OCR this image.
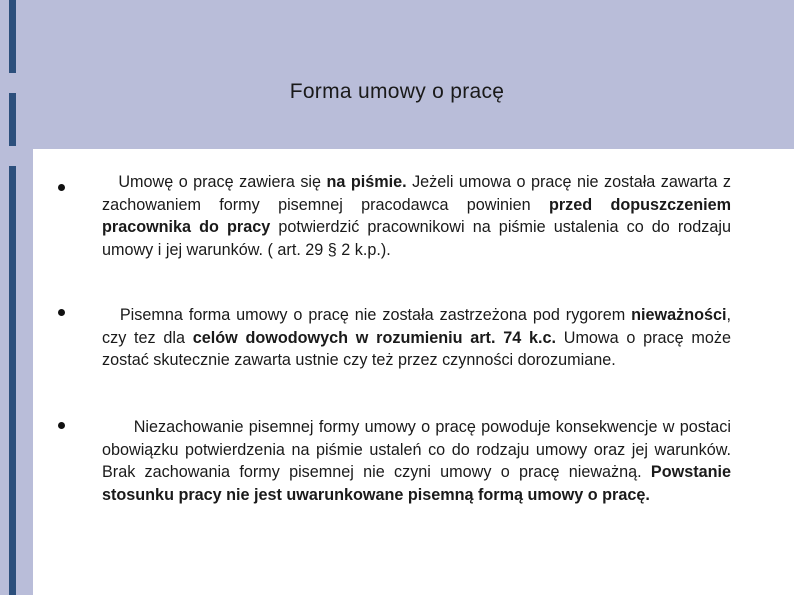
Forma umowy o pracę

Umowę o pracę zawiera się na piśmie. Jeżeli umowa o pracę nie została zawarta z zachowaniem formy pisemnej pracodawca powinien przed dopuszczeniem pracownika do pracy potwierdzić pracownikowi na piśmie ustalenia co do rodzaju umowy i jej warunków. ( art. 29 § 2 k.p.).

Pisemna forma umowy o pracę nie została zastrzeżona pod rygorem nieważności, czy tez dla celów dowodowych w rozumieniu art. 74 k.c. Umowa o pracę może zostać skutecznie zawarta ustnie czy też przez czynności dorozumiane.

Niezachowanie pisemnej formy umowy o pracę powoduje konsekwencje w postaci obowiązku potwierdzenia na piśmie ustaleń co do rodzaju umowy oraz jej warunków. Brak zachowania formy pisemnej nie czyni umowy o pracę nieważną. Powstanie stosunku pracy nie jest uwarunkowane pisemną formą umowy o pracę.
